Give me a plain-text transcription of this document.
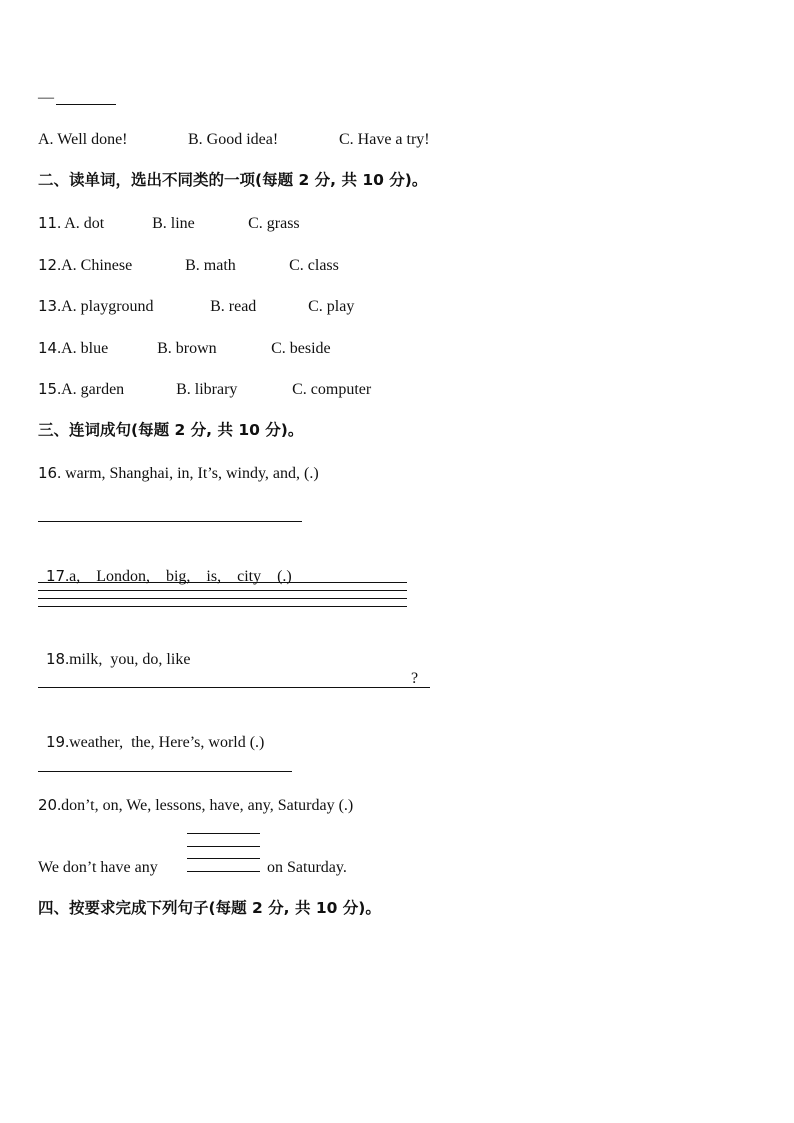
—
A. Well done!	B. Good idea!	C. Have a try!
二、读单词，选出不同类的一项(每题 2 分, 共 10 分)。
11. A. dot	B. line	C. grass
12.A. Chinese	B. math	C. class
13.A. playground	B. read	C. play
14.A. blue	B. brown	C. beside
15.A. garden	B. library	C. computer
三、连词成句(每题 2 分, 共 10 分)。
16. warm, Shanghai, in, It’s, windy, and, (.)

17.a,    London,    big,    is,    city    (.)

18.milk,  you, do, like

?

19.weather,  the, Here’s, world (.)

20.don’t, on, We, lessons, have, any, Saturday (.)
We don’t have any	on Saturday.
四、按要求完成下列句子(每题 2 分, 共 10 分)。
